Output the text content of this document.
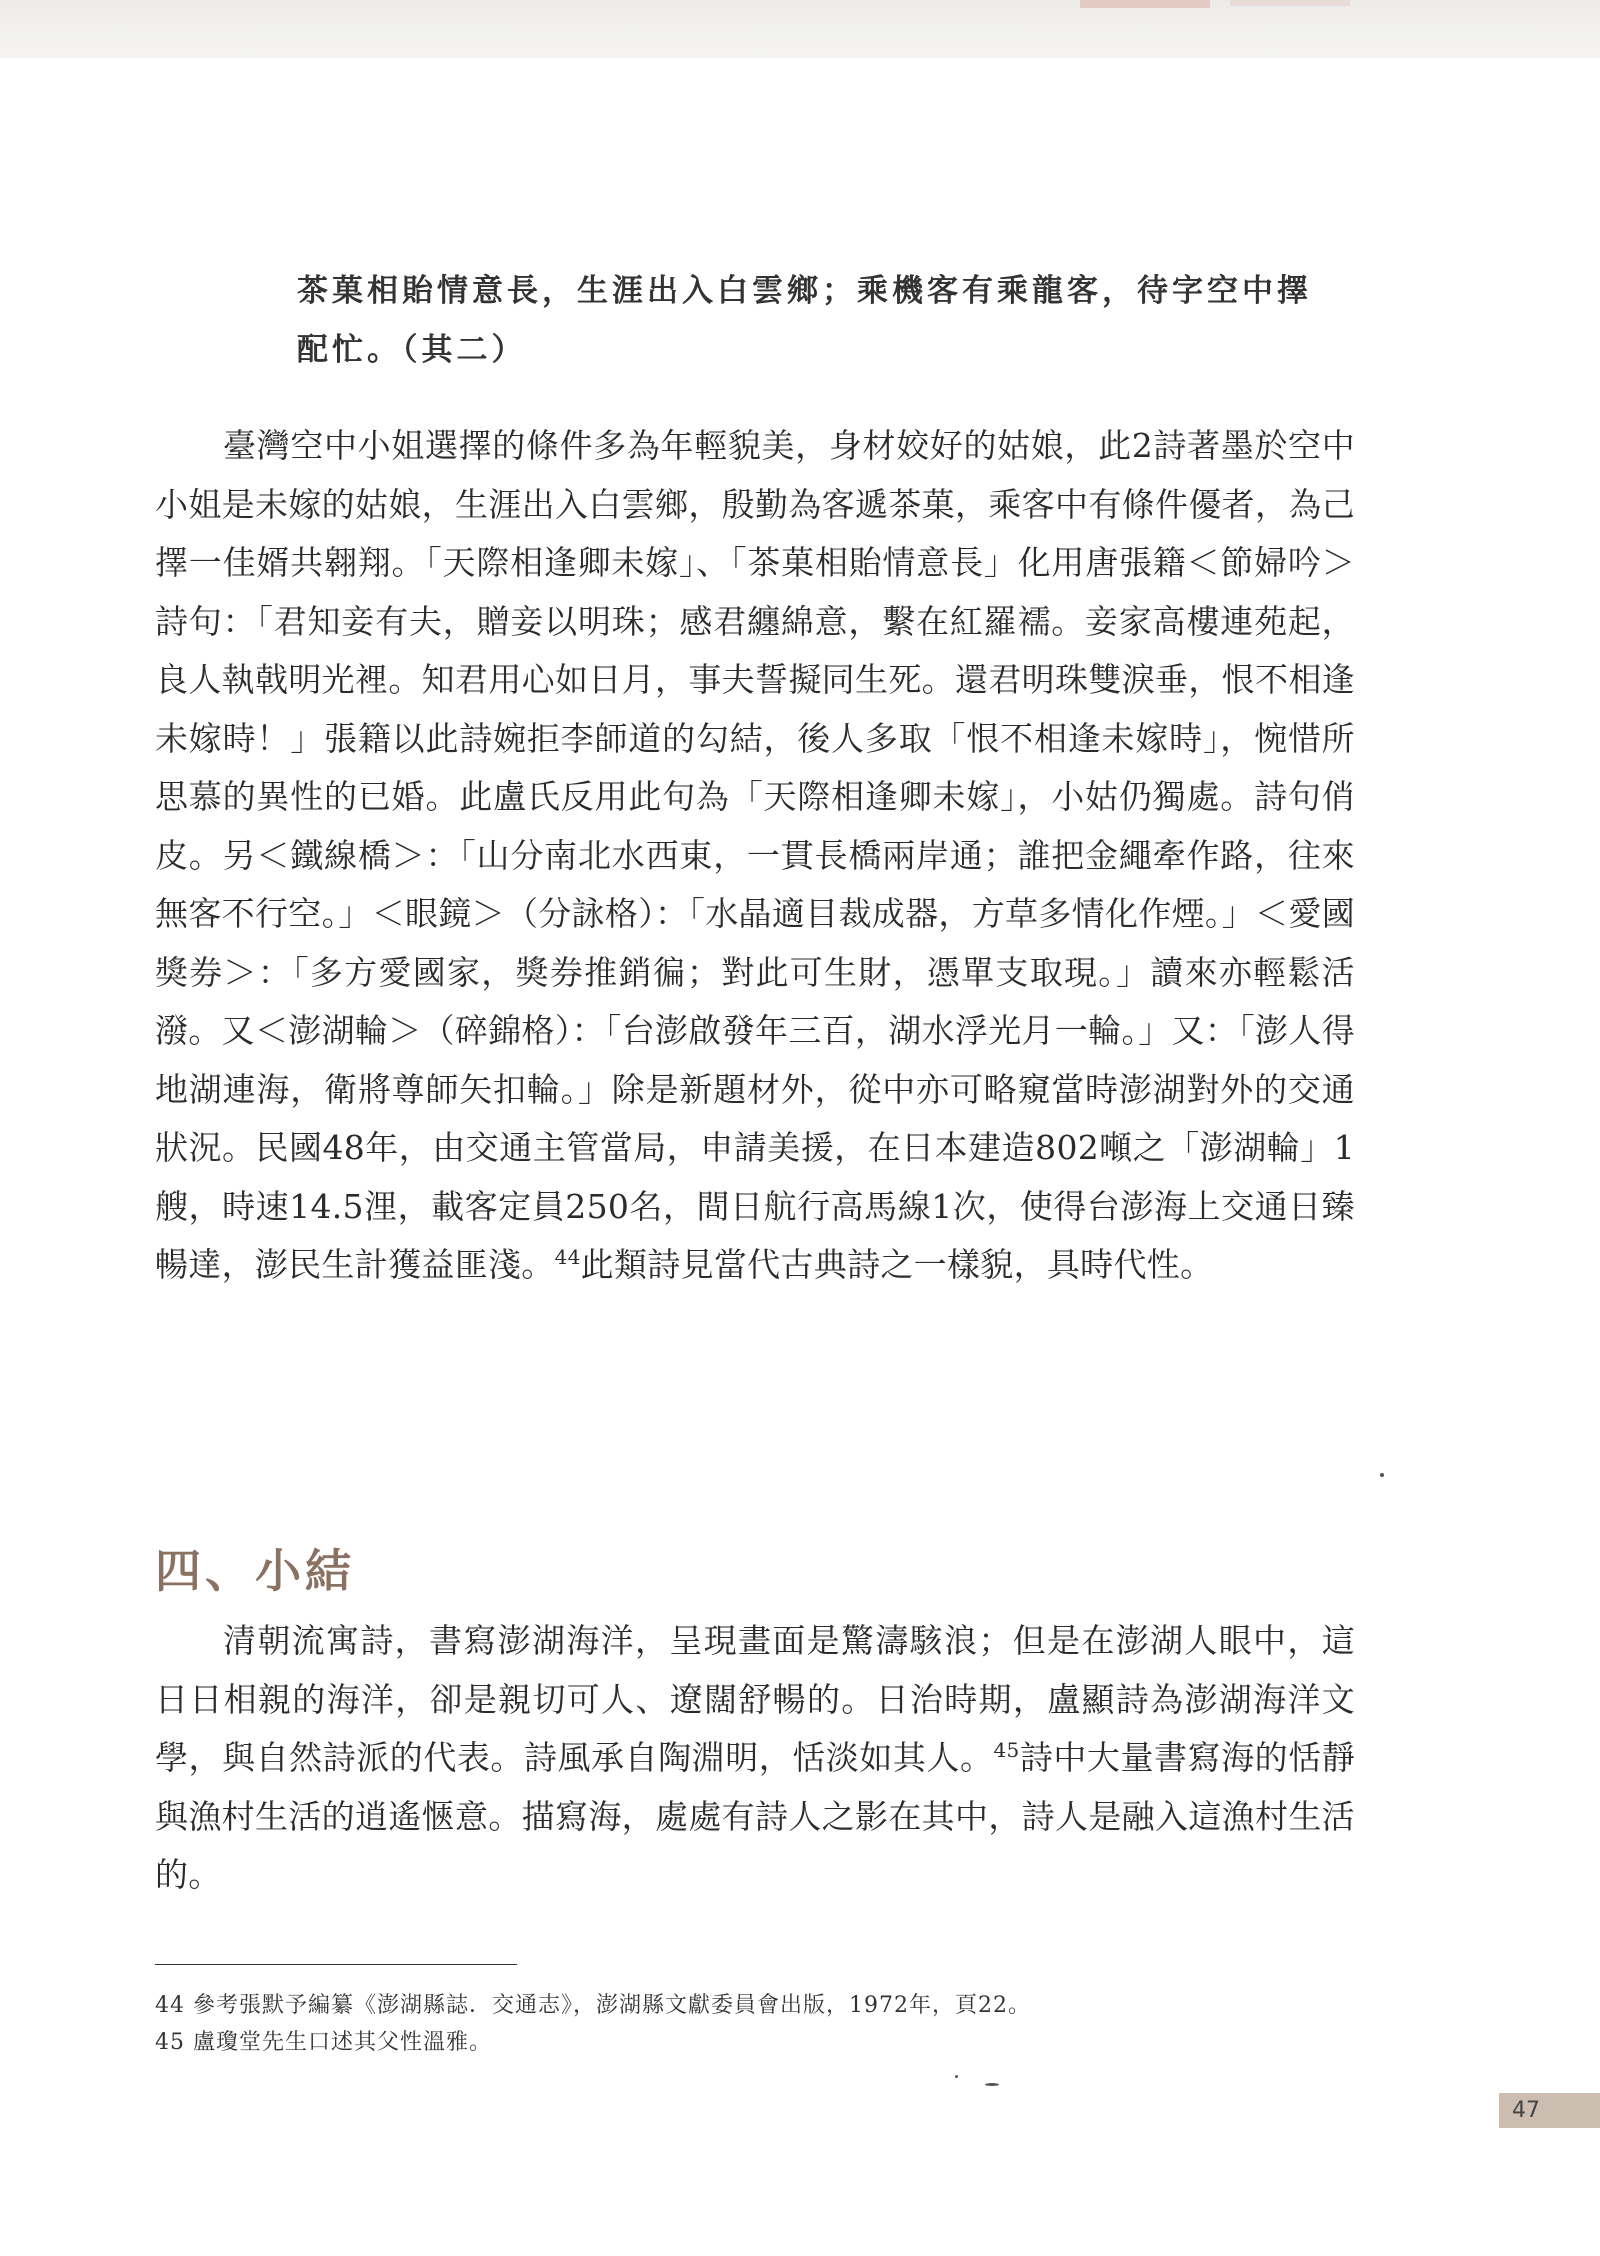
茶菓相貽情意長，生涯出入白雲鄉；乘機客有乘龍客，待字空中擇

配忙。（其二）

臺灣空中小姐選擇的條件多為年輕貌美，身材姣好的姑娘，此2詩著墨於空中小姐是未嫁的姑娘，生涯出入白雲鄉，殷勤為客遞茶菓，乘客中有條件優者，為己擇一佳婿共翱翔。「天際相逢卿未嫁」、「茶菓相貽情意長」化用唐張籍＜節婦吟＞詩句：「君知妾有夫，贈妾以明珠；感君纏綿意，繫在紅羅襦。妾家高樓連苑起，良人執戟明光裡。知君用心如日月，事夫誓擬同生死。還君明珠雙淚垂，恨不相逢未嫁時！」張籍以此詩婉拒李師道的勾結，後人多取「恨不相逢未嫁時」，惋惜所思慕的異性的已婚。此盧氏反用此句為「天際相逢卿未嫁」，小姑仍獨處。詩句俏皮。另＜鐵線橋＞：「山分南北水西東，一貫長橋兩岸通；誰把金繩牽作路，往來無客不行空。」＜眼鏡＞（分詠格）：「水晶適目裁成器，方草多情化作煙。」＜愛國獎券＞：「多方愛國家，獎券推銷徧；對此可生財，憑單支取現。」讀來亦輕鬆活潑。又＜澎湖輪＞（碎錦格）：「台澎啟發年三百，湖水浮光月一輪。」又：「澎人得地湖連海，衛將尊師矢扣輪。」除是新題材外，從中亦可略窺當時澎湖對外的交通狀況。民國48年，由交通主管當局，申請美援，在日本建造802噸之「澎湖輪」1艘，時速14.5浬，載客定員250名，間日航行高馬線1次，使得台澎海上交通日臻暢達，澎民生計獲益匪淺。$^{44}$此類詩見當代古典詩之一樣貌，具時代性。

四、小結

清朝流寓詩，書寫澎湖海洋，呈現畫面是驚濤駭浪；但是在澎湖人眼中，這日日相親的海洋，卻是親切可人、遼闊舒暢的。日治時期，盧顯詩為澎湖海洋文學，與自然詩派的代表。詩風承自陶淵明，恬淡如其人。$^{45}$詩中大量書寫海的恬靜與漁村生活的逍遙愜意。描寫海，處處有詩人之影在其中，詩人是融入這漁村生活的。

44 參考張默予編纂《澎湖縣誌．交通志》，澎湖縣文獻委員會出版，1972年，頁22。

45 盧瓊堂先生口述其父性溫雅。

47
